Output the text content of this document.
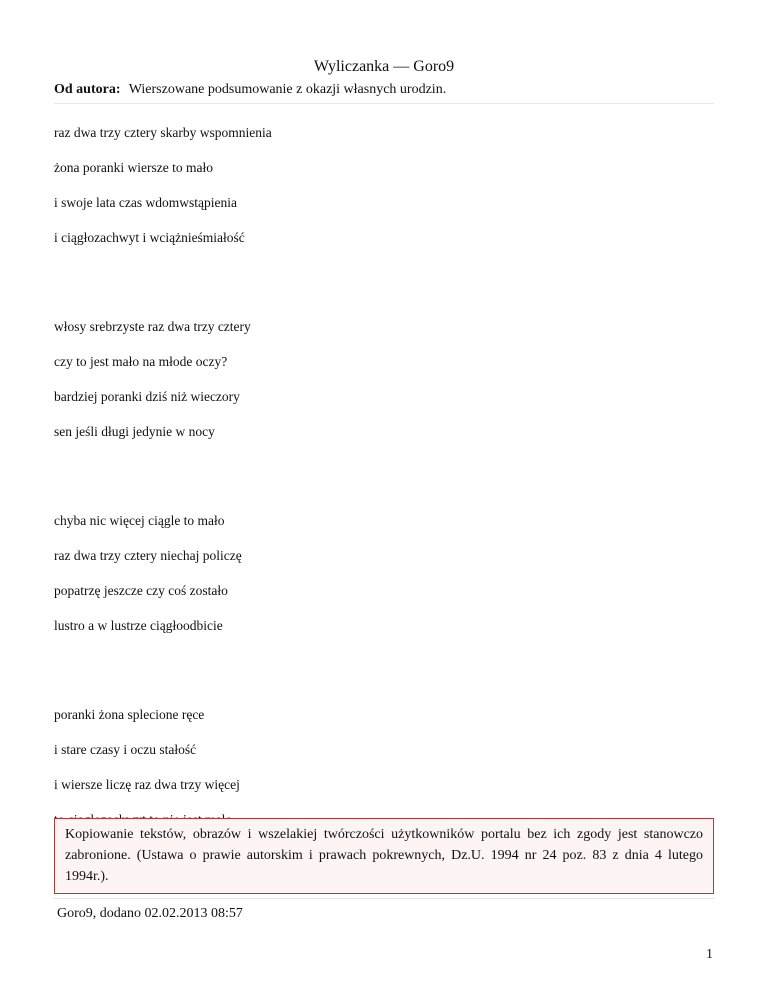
Wyliczanka — Goro9
Od autora: Wierszowane podsumowanie z okazji własnych urodzin.
raz dwa trzy cztery skarby wspomnienia
żona poranki wiersze to mało
i swoje lata czas wdomwstąpienia
i ciągłozachwyt i wciążnieśmiałość
włosy srebrzyste raz dwa trzy cztery
czy to jest mało na młode oczy?
bardziej poranki dziś niż wieczory
sen jeśli długi jedynie w nocy
chyba nic więcej ciągle to mało
raz dwa trzy cztery niechaj policzę
popatrzę jeszcze czy coś zostało
lustro a w lustrze ciągłoodbicie
poranki żona splecione ręce
i stare czasy i oczu stałość
i wiersze liczę raz dwa trzy więcej
Kopiowanie tekstów, obrazów i wszelakiej twórczości użytkowników portalu bez ich zgody jest stanowczo zabronione. (Ustawa o prawie autorskim i prawach pokrewnych, Dz.U. 1994 nr 24 poz. 83 z dnia 4 lutego 1994r.).
Goro9, dodano 02.02.2013 08:57
1
